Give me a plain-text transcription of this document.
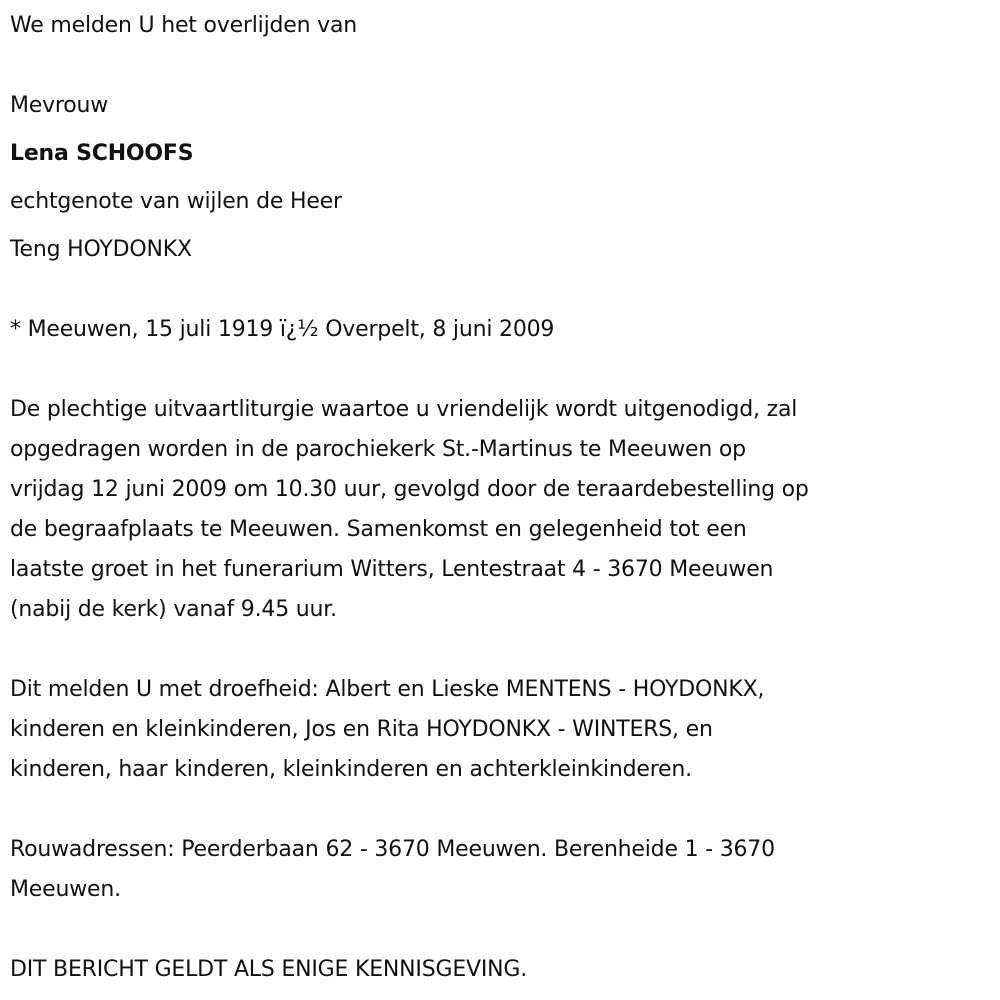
We melden U het overlijden van
Mevrouw
Lena SCHOOFS
echtgenote van wijlen de Heer
Teng HOYDONKX
* Meeuwen, 15 juli 1919 ï¿½ Overpelt, 8 juni 2009
De plechtige uitvaartliturgie waartoe u vriendelijk wordt uitgenodigd, zal
opgedragen worden in de parochiekerk St.-Martinus te Meeuwen op
vrijdag 12 juni 2009 om 10.30 uur, gevolgd door de teraardebestelling op
de begraafplaats te Meeuwen. Samenkomst en gelegenheid tot een
laatste groet in het funerarium Witters, Lentestraat 4 - 3670 Meeuwen
(nabij de kerk) vanaf 9.45 uur.
Dit melden U met droefheid: Albert en Lieske MENTENS - HOYDONKX,
kinderen en kleinkinderen, Jos en Rita HOYDONKX - WINTERS, en
kinderen, haar kinderen, kleinkinderen en achterkleinkinderen.
Rouwadressen: Peerderbaan 62 - 3670 Meeuwen. Berenheide 1 - 3670
Meeuwen.
DIT BERICHT GELDT ALS ENIGE KENNISGEVING.
